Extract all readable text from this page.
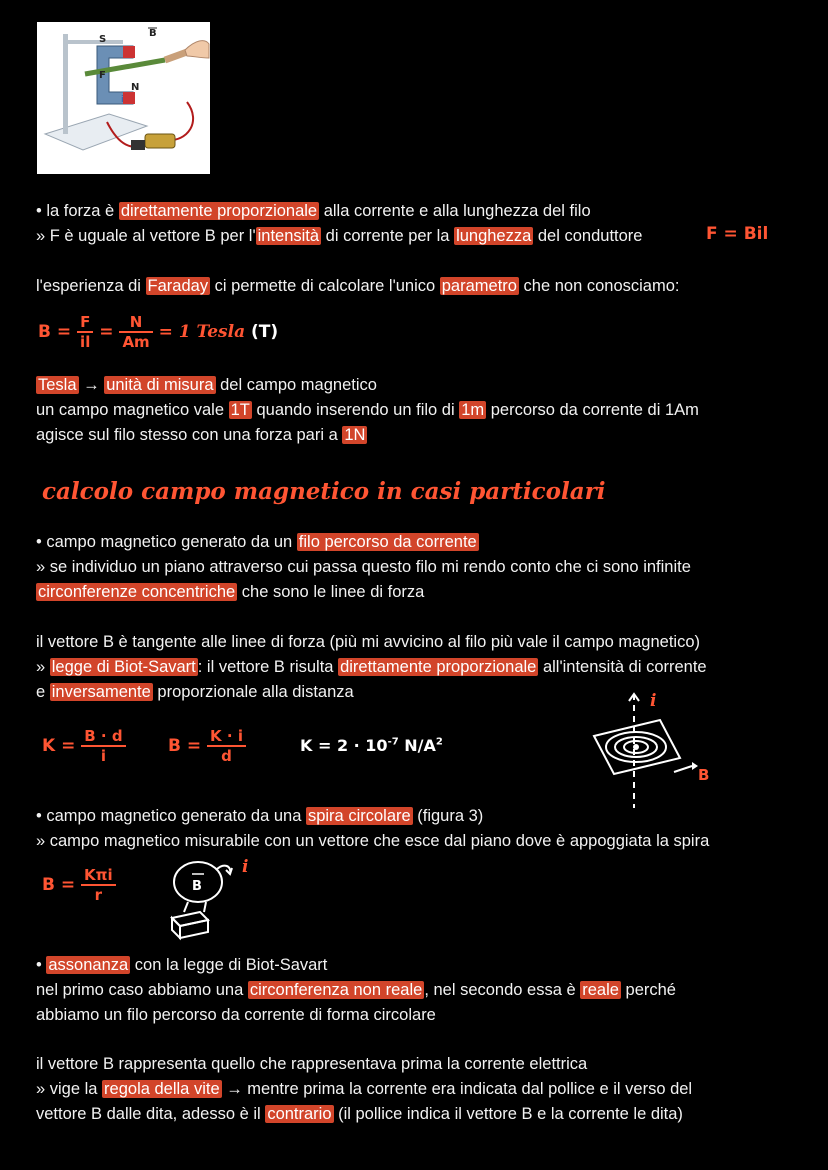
S
B
F
N
i
• la forza è direttamente proporzionale alla corrente e alla lunghezza del filo
» F è uguale al vettore B per l' intensità di corrente per la lunghezza del conduttore	F = Bil
l'esperienza di Faraday ci permette di calcolare l'unico parametro che non conosciamo:
$B = \frac{F}{il} = \frac{N}{Am} = 1$ Tesla (T)
Tesla → unità di misura del campo magnetico
un campo magnetico vale 1T quando inserendo un filo di 1m percorso da corrente di 1Am
agisce sul filo stesso con una forza pari a 1N
calcolo campo magnetico in casi particolari
• campo magnetico generato da un filo percorso da corrente
» se individuo un piano attraverso cui passa questo filo mi rendo conto che ci sono infinite
circonferenze concentriche che sono le linee di forza
il vettore B è tangente alle linee di forza (più mi avvicino al filo più vale il campo magnetico)
» legge di Biot-Savart : il vettore B risulta direttamente proporzionale all'intensità di corrente
e inversamente proporzionale alla distanza
$K = \frac{B \cdot d}{i}$ $B = \frac{K \cdot i}{d}$	$K = 2 \cdot 10^{-7}$ $N/A^2$
i
B
• campo magnetico generato da una spira circolare (figura 3)
» campo magnetico misurabile con un vettore che esce dal piano dove è appoggiata la spira
$B = \frac{\text{Kπi}}{r}$	B
i
• assonanza con la legge di Biot-Savart
nel primo caso abbiamo una circonferenza non reale , nel secondo essa è reale perché
abbiamo un filo percorso da corrente di forma circolare
il vettore B rappresenta quello che rappresentava prima la corrente elettrica
» vige la regola della vite → mentre prima la corrente era indicata dal pollice e il verso del
vettore B dalle dita, adesso è il contrario (il pollice indica il vettore B e la corrente le dita)
